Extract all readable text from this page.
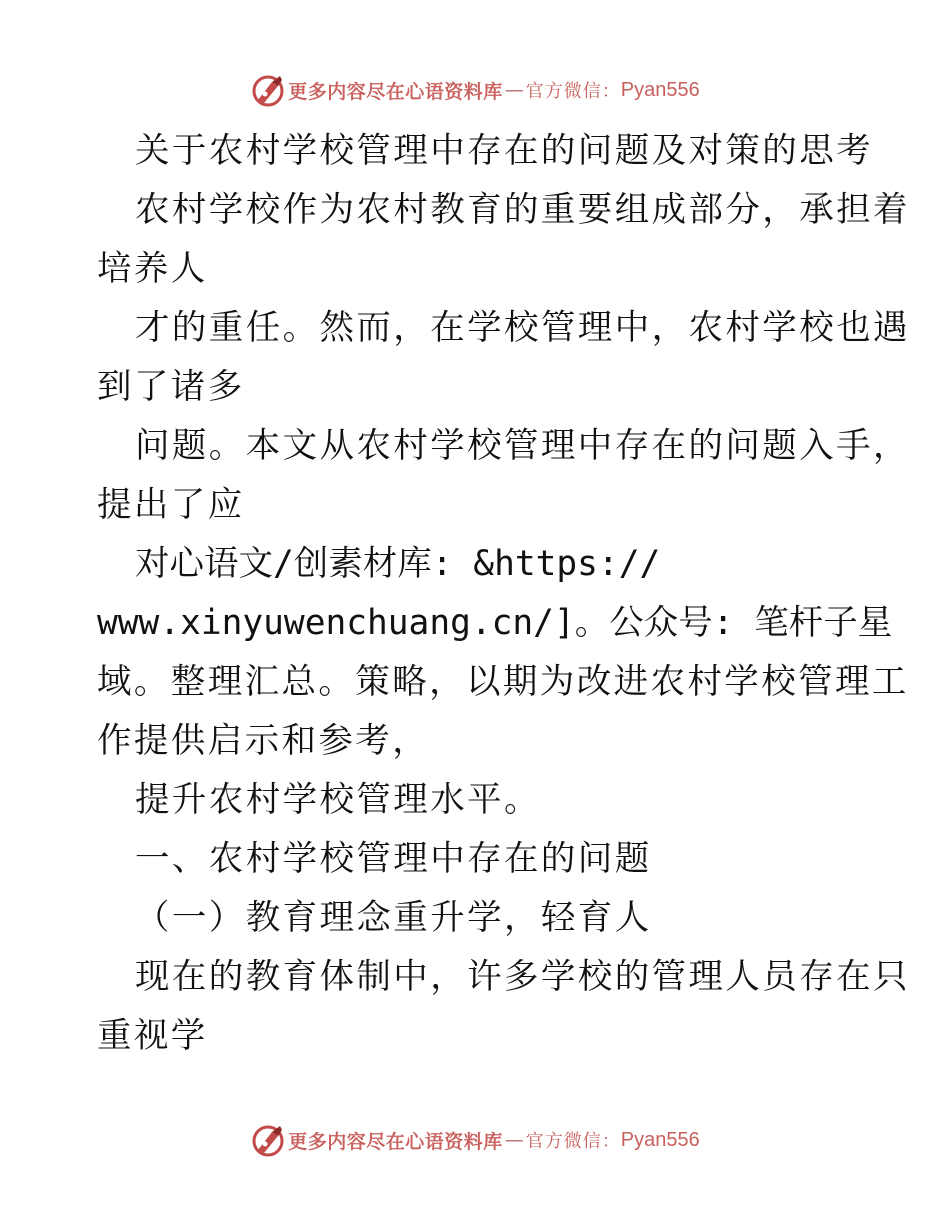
更多内容尽在心语资料库 — 官方微信： Pyan556
关于农村学校管理中存在的问题及对策的思考
农村学校作为农村教育的重要组成部分，承担着
培养人
才的重任。然而，在学校管理中，农村学校也遇
到了诸多
问题。本文从农村学校管理中存在的问题入手，
提出了应
对心语文/创素材库: &https://
www.xinyuwenchuang.cn/]。公众号: 笔杆子星
域。整理汇总。策略，以期为改进农村学校管理工
作提供启示和参考，
提升农村学校管理水平。
一、农村学校管理中存在的问题
（一）教育理念重升学，轻育人
现在的教育体制中，许多学校的管理人员存在只
重视学
更多内容尽在心语资料库 — 官方微信： Pyan556
